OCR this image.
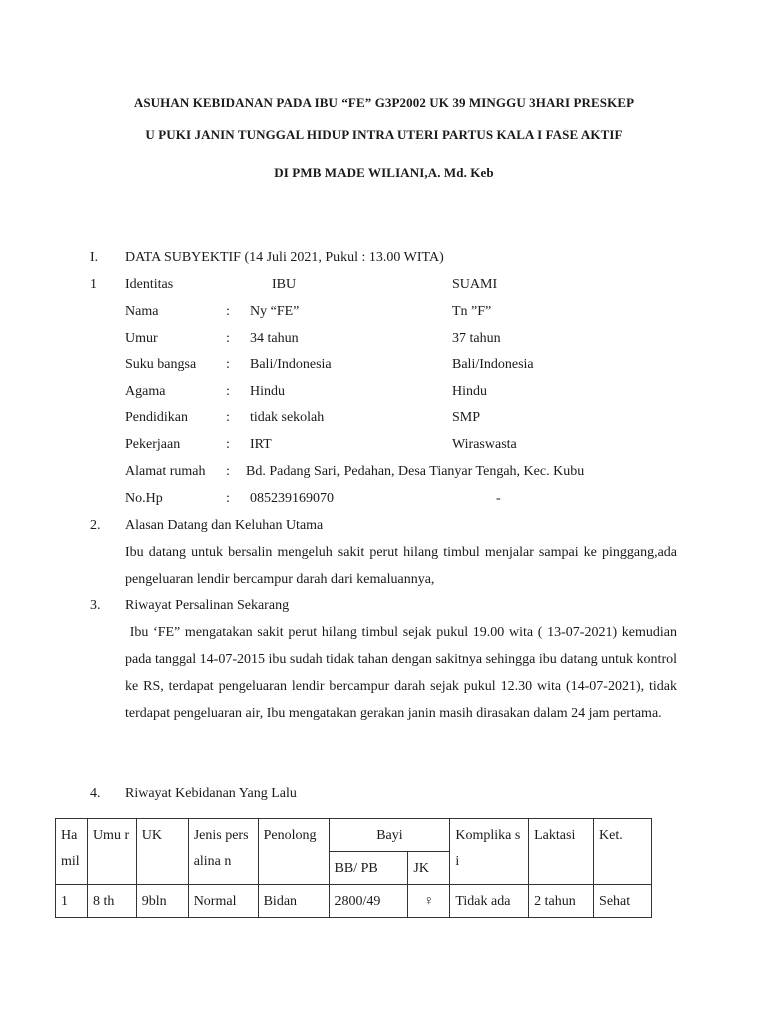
ASUHAN KEBIDANAN PADA IBU “FE” G3P2002 UK 39 MINGGU 3HARI PRESKEP
U PUKI JANIN TUNGGAL HIDUP INTRA UTERI PARTUS KALA I FASE AKTIF
DI PMB MADE WILIANI,A. Md. Keb
I. DATA SUBYEKTIF (14 Juli 2021, Pukul : 13.00 WITA)
1 Identitas	IBU	SUAMI
Nama	: Ny “FE”	Tn ”F”
Umur	: 34 tahun	37 tahun
Suku bangsa : Bali/Indonesia	Bali/Indonesia
Agama	: Hindu	Hindu
Pendidikan	: tidak sekolah	SMP
Pekerjaan	: IRT	Wiraswasta
Alamat rumah : Bd. Padang Sari, Pedahan, Desa Tianyar Tengah, Kec. Kubu
No.Hp	: 085239169070	-
2. Alasan Datang dan Keluhan Utama
Ibu datang untuk bersalin mengeluh sakit perut hilang timbul menjalar sampai ke pinggang,ada pengeluaran lendir bercampur darah dari kemaluannya,
3. Riwayat Persalinan Sekarang
Ibu ‘FE” mengatakan sakit perut hilang timbul sejak pukul 19.00 wita ( 13-07-2021) kemudian pada tanggal 14-07-2015 ibu sudah tidak tahan dengan sakitnya sehingga ibu datang untuk kontrol ke RS, terdapat pengeluaran lendir bercampur darah sejak pukul 12.30 wita (14-07-2021), tidak terdapat pengeluaran air, Ibu mengatakan gerakan janin masih dirasakan dalam 24 jam pertama.
4. Riwayat Kebidanan Yang Lalu
Ha mil	Umu r	UK	Jenis persalina n	Penolong	Bayi		Komplika si	Laktasi	Ket.
					BB/ PB	JK			
1	8 th	9bln	Normal	Bidan	2800/49	♀	Tidak ada	2 tahun	Sehat
